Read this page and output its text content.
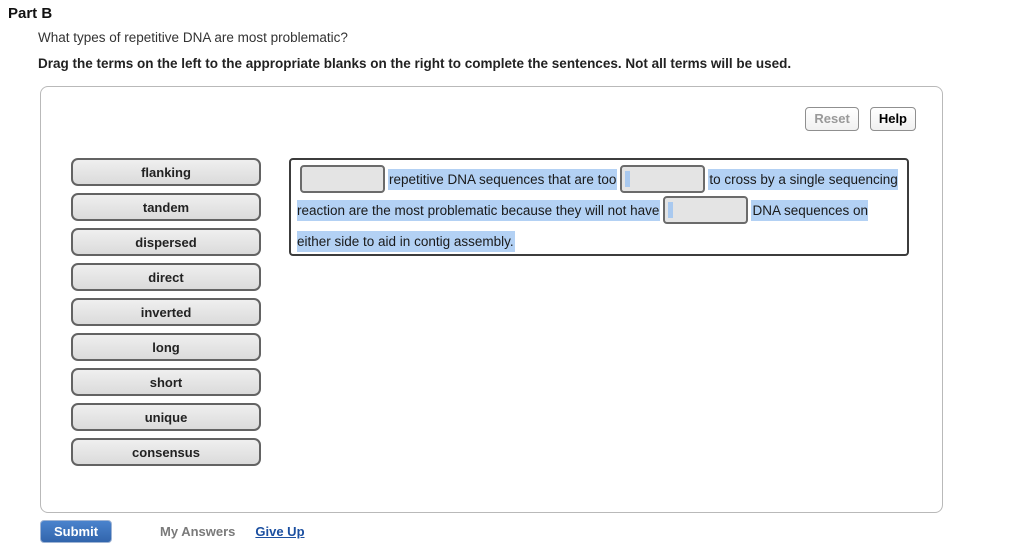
Part B
What types of repetitive DNA are most problematic?
Drag the terms on the left to the appropriate blanks on the right to complete the sentences. Not all terms will be used.
Reset	Help
flanking
tandem
dispersed
direct
inverted
long
short
unique
consensus
repetitive DNA sequences that are too	to cross by a single sequencing reaction are the most problematic because they will not have	DNA sequences on either side to aid in contig assembly.
Submit	My Answers Give Up
